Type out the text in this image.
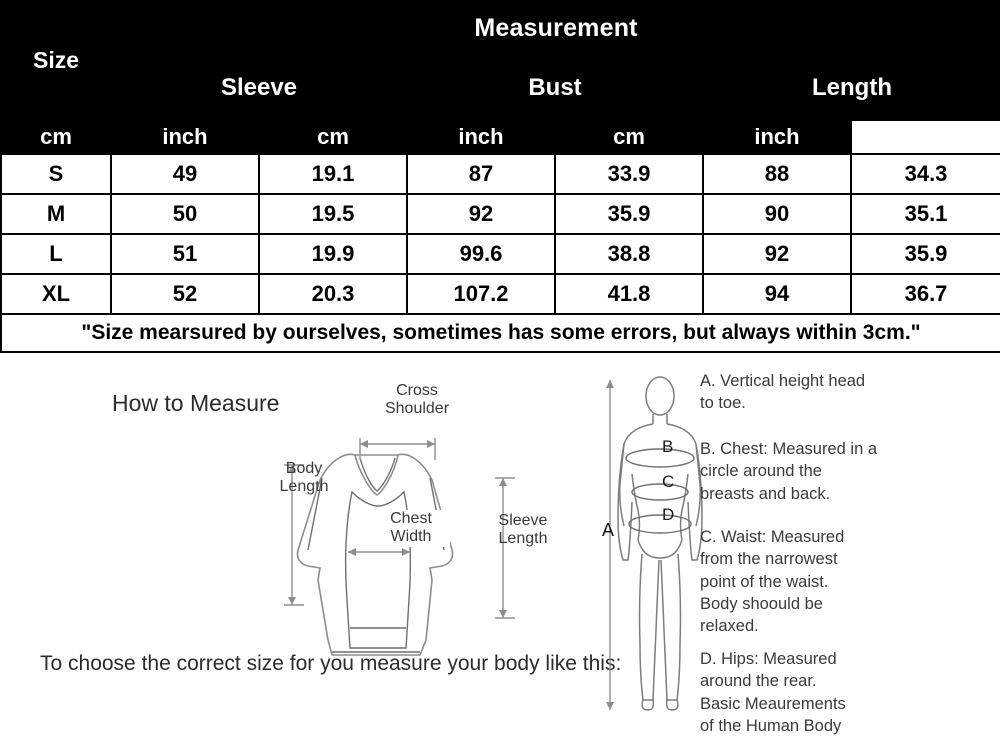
Size	Measurement					
	Sleeve		Bust		Length	
cm	inch	cm	inch	cm	inch	
S	49	19.1	87	33.9	88	34.3
M	50	19.5	92	35.9	90	35.1
L	51	19.9	99.6	38.8	92	35.9
XL	52	20.3	107.2	41.8	94	36.7
"Size mearsured by ourselves, sometimes has some errors, but always within 3cm."						
How to Measure
To choose the correct size for you measure your body like this:
Cross
Shoulder
Body
Length
Chest
Width
Sleeve
Length
B
C
D
A
A. Vertical height head
to toe.
B. Chest: Measured in a
circle around the
breasts and back.
C. Waist: Measured
from the narrowest
point of the waist.
Body shoould be
relaxed.
D. Hips: Measured
around the rear.
Basic Meaurements
of the Human Body
